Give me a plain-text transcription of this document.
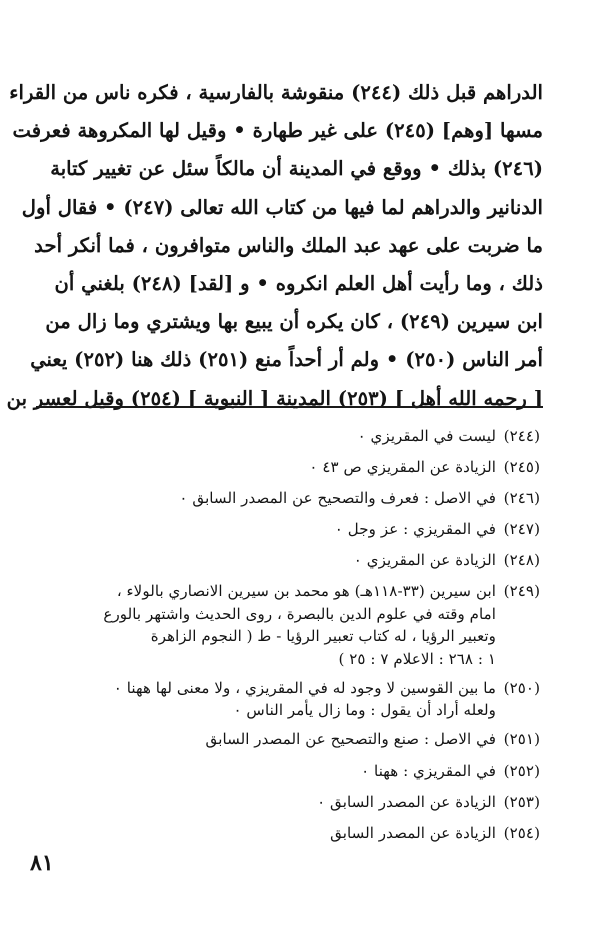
الدراهم قبل ذلك (٢٤٤) منقوشة بالفارسية ، فكره ناس من القراء
مسها [وهم] (٢٤٥) على غير طهارة • وقيل لها المكروهة فعرفت
(٢٤٦) بذلك • ووقع في المدينة أن مالكاً سئل عن تغيير كتابة
الدنانير والدراهم لما فيها من كتاب الله تعالى (٢٤٧) • فقال أول
ما ضربت على عهد عبد الملك والناس متوافرون ، فما أنكر أحد
ذلك ، وما رأيت أهل العلم انكروه • و [لقد] (٢٤٨) بلغني أن
ابن سيرين (٢٤٩) ، كان يكره أن يبيع بها ويشتري وما زال من
أمر الناس (٢٥٠) • ولم أر أحداً منع (٢٥١) ذلك هنا (٢٥٢) يعني
[ رحمه الله أهل ] (٢٥٣) المدينة [ النبوية ] (٢٥٤) وقيل لعسر بن
(٢٤٤)
ليست في المقريزي ٠
(٢٤٥)
الزيادة عن المقريزي ص ٤٣ ٠
(٢٤٦)
في الاصل : فعرف والتصحيح عن المصدر السابق ٠
(٢٤٧)
في المقريزي : عز وجل ٠
(٢٤٨)
الزيادة عن المقريزي ٠
(٢٤٩)
ابن سيرين (٣٣-١١٨هـ) هو محمد بن سيرين الانصاري بالولاء ،
امام وقته في علوم الدين بالبصرة ، روى الحديث واشتهر بالورع
وتعبير الرؤيا ، له كتاب تعبير الرؤيا - ط ( النجوم الزاهرة
١ : ٢٦٨ : الاعلام ٧ : ٢٥ )
(٢٥٠)
ما بين القوسين لا وجود له في المقريزي ، ولا معنى لها ههنا ٠
ولعله أراد أن يقول : وما زال يأمر الناس ٠
(٢٥١)
في الاصل : صنع والتصحيح عن المصدر السابق
(٢٥٢)
في المقريزي : ههنا ٠
(٢٥٣)
الزيادة عن المصدر السابق ٠
(٢٥٤)
الزيادة عن المصدر السابق
٨١
